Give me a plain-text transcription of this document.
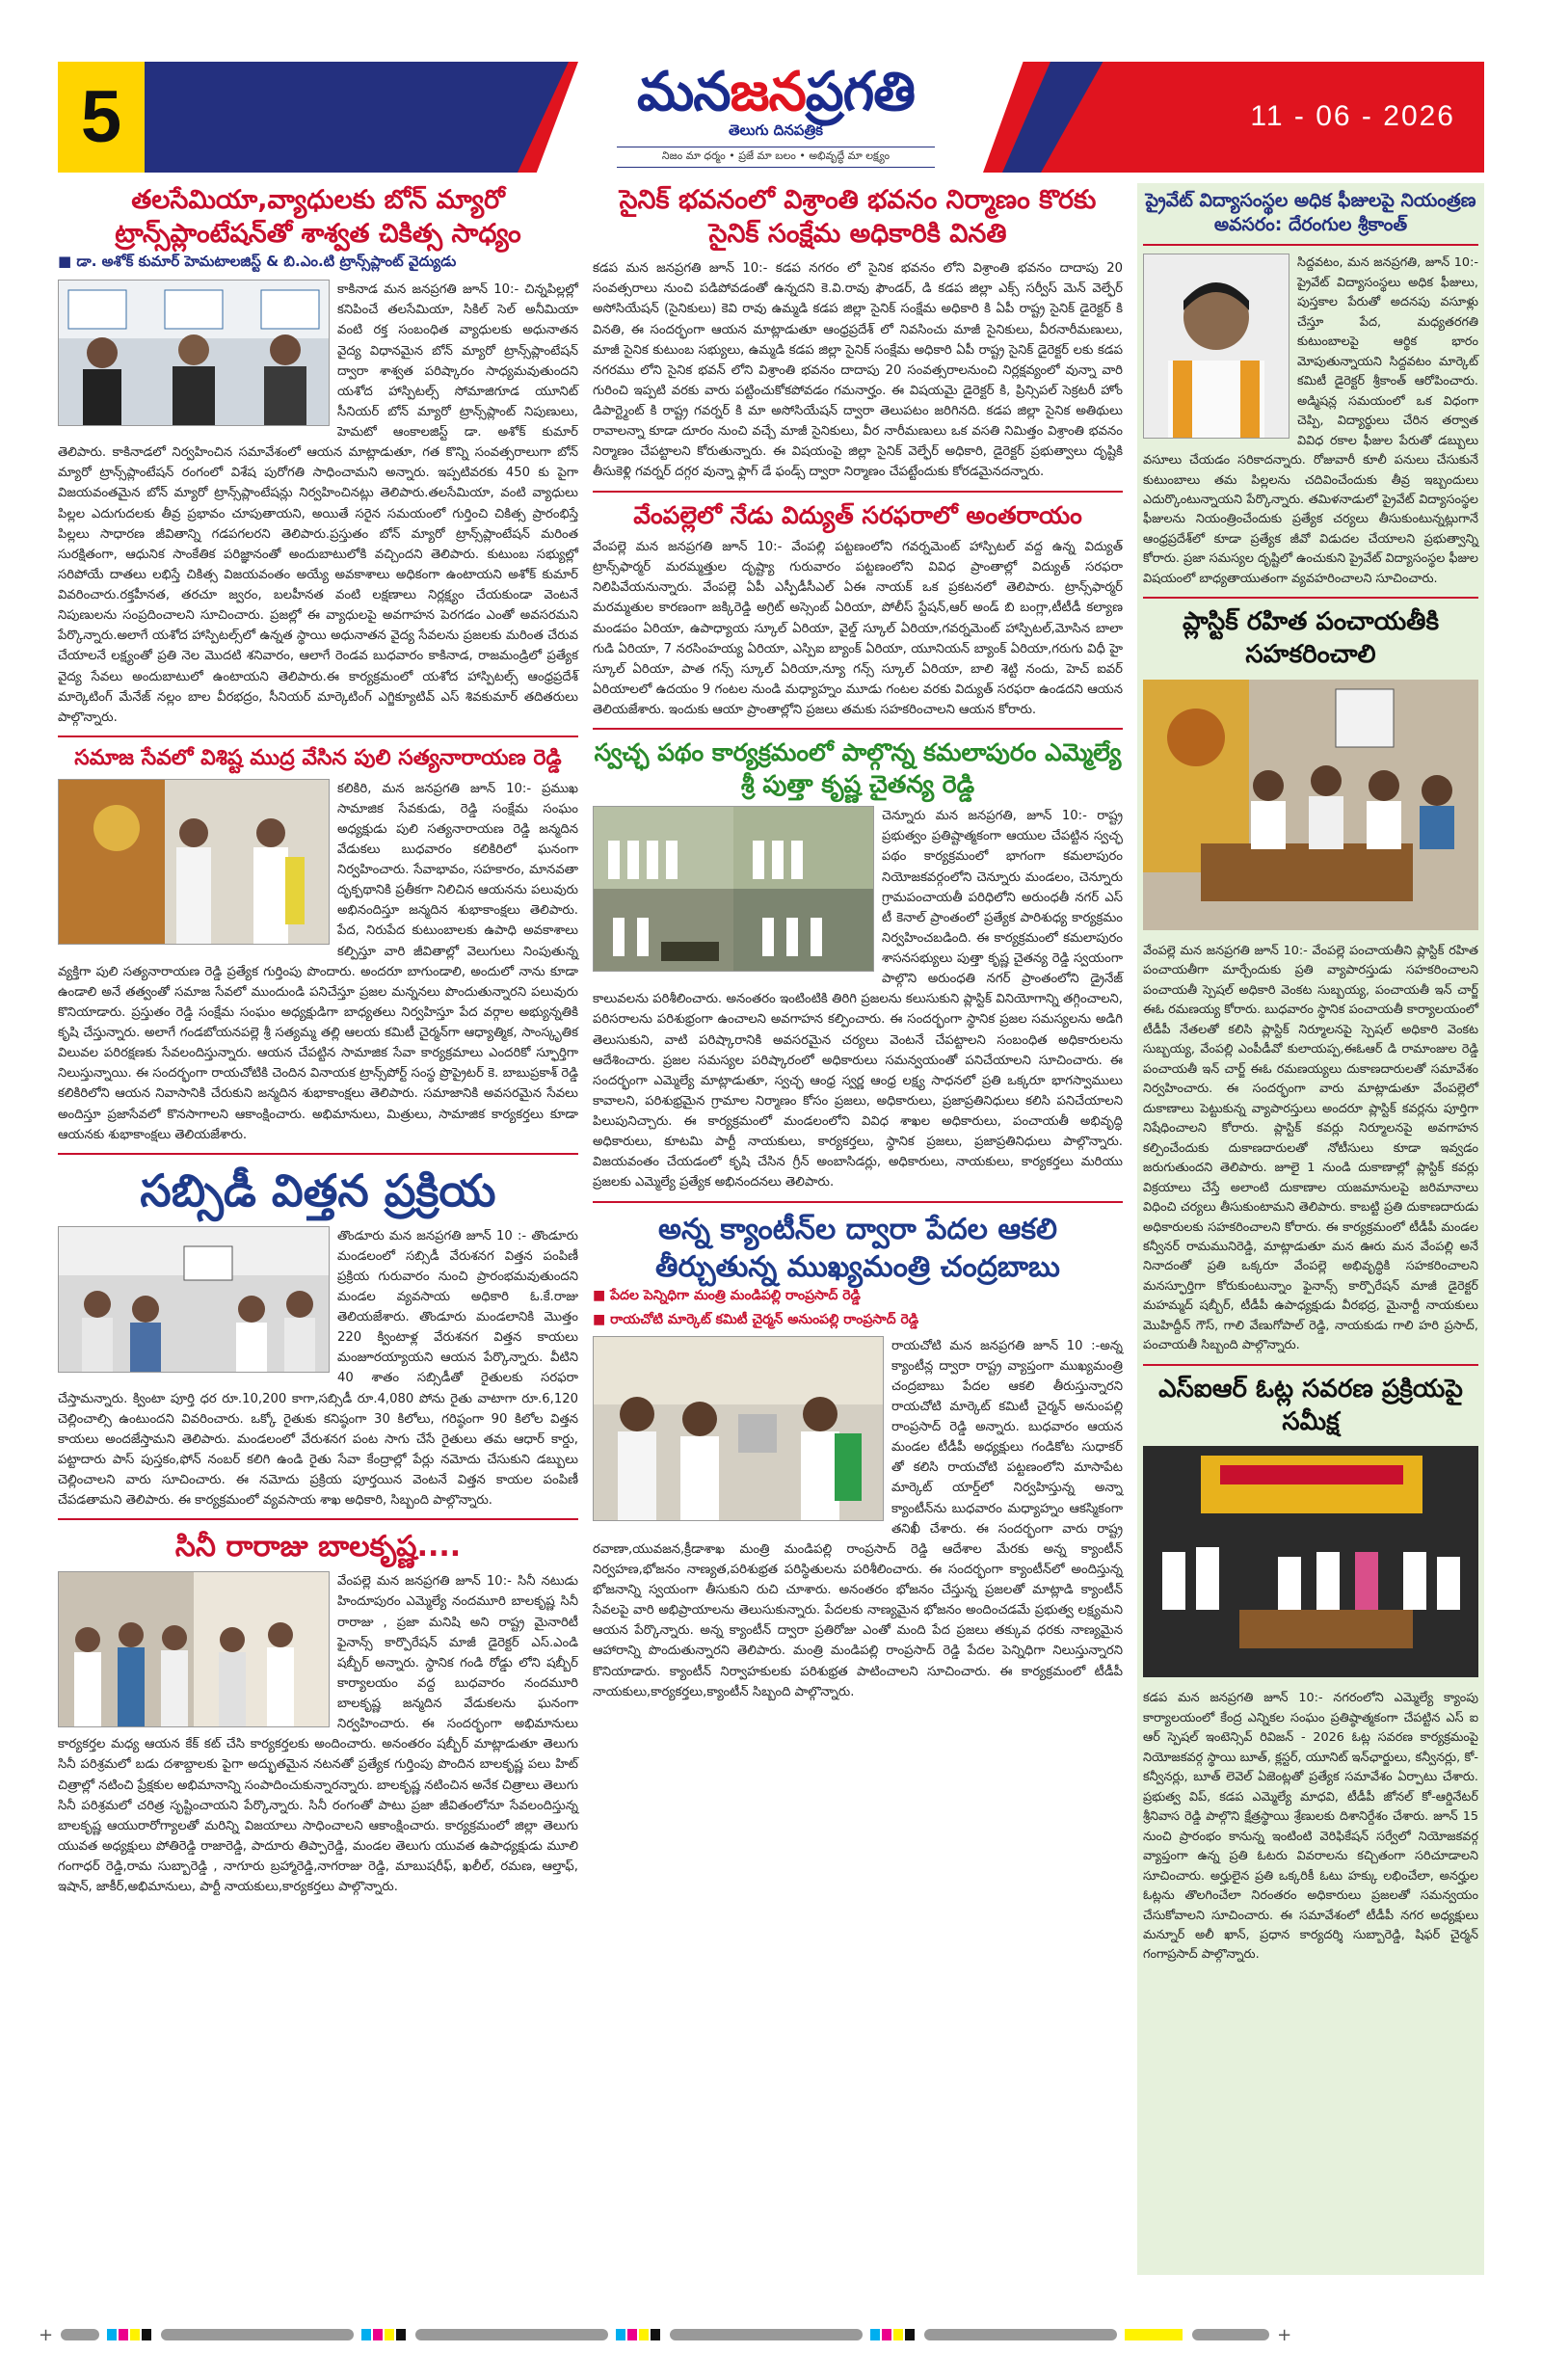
5	మనజనప్రగతి
తెలుగు దినపత్రిక
నిజం మా ధర్మం • ప్రజే మా బలం • అభివృద్ధే మా లక్ష్యం
11 - 06 - 2026
తలసేమియా,వ్యాధులకు బోన్ మ్యారో ట్రాన్స్‌ప్లాంటేషన్‌తో శాశ్వత చికిత్స సాధ్యం
■ డా. అశోక్ కుమార్ హెమటాలజిస్ట్ & బి.ఎం.టి ట్రాన్స్‌ప్లాంట్ వైద్యుడు
కాకినాడ మన జనప్రగతి జూన్ 10:- చిన్నపిల్లల్లో కనిపించే తలసేమియా, సికిల్ సెల్ అనీమియా వంటి రక్త సంబంధిత వ్యాధులకు అధునాతన వైద్య విధానమైన బోన్ మ్యారో ట్రాన్స్‌ప్లాంటేషన్ ద్వారా శాశ్వత పరిష్కారం సాధ్యమవుతుందని యశోద హాస్పిటల్స్ సోమాజిగూడ యూనిట్ సీనియర్ బోన్ మ్యారో ట్రాన్స్‌ప్లాంట్ నిపుణులు, హెమటో ఆంకాలజిస్ట్ డా. అశోక్ కుమార్ తెలిపారు. కాకినాడలో నిర్వహించిన సమావేశంలో ఆయన మాట్లాడుతూ, గత కొన్ని సంవత్సరాలుగా బోన్ మ్యారో ట్రాన్స్‌ప్లాంటేషన్ రంగంలో విశేష పురోగతి సాధించామని అన్నారు. ఇప్పటివరకు 450 కు పైగా విజయవంతమైన బోన్ మ్యారో ట్రాన్స్‌ప్లాంటేషన్లు నిర్వహించినట్లు తెలిపారు.తలసేమియా, వంటి వ్యాధులు పిల్లల ఎదుగుదలకు తీవ్ర ప్రభావం చూపుతాయని, అయితే సరైన సమయంలో గుర్తించి చికిత్స ప్రారంభిస్తే పిల్లలు సాధారణ జీవితాన్ని గడపగలరని తెలిపారు.ప్రస్తుతం బోన్ మ్యారో ట్రాన్స్‌ప్లాంటేషన్ మరింత సురక్షితంగా, ఆధునిక సాంకేతిక పరిజ్ఞానంతో అందుబాటులోకి వచ్చిందని తెలిపారు. కుటుంబ సభ్యుల్లో సరిపోయే దాతలు లభిస్తే చికిత్స విజయవంతం అయ్యే అవకాశాలు అధికంగా ఉంటాయని అశోక్ కుమార్ వివరించారు.రక్తహీనత, తరచూ జ్వరం, బలహీనత వంటి లక్షణాలు నిర్లక్ష్యం చేయకుండా వెంటనే నిపుణులను సంప్రదించాలని సూచించారు. ప్రజల్లో ఈ వ్యాధులపై అవగాహన పెరగడం ఎంతో అవసరమని పేర్కొన్నారు.అలాగే యశోద హాస్పిటల్స్‌లో ఉన్నత స్థాయి అధునాతన వైద్య సేవలను ప్రజలకు మరింత చేరువ చేయాలనే లక్ష్యంతో ప్రతి నెల మొదటి శనివారం, ఆలాగే రెండవ బుధవారం కాకినాడ, రాజమండ్రిలో ప్రత్యేక వైద్య సేవలు అందుబాటులో ఉంటాయని తెలిపారు.ఈ కార్యక్రమంలో యశోద హాస్పిటల్స్ ఆంధ్రప్రదేశ్ మార్కెటింగ్ మేనేజ్ నల్లం బాల వీరభద్రం, సీనియర్ మార్కెటింగ్ ఎగ్జిక్యూటివ్ ఎస్ శివకుమార్ తదితరులు పాల్గొన్నారు.
సమాజ సేవలో విశిష్ట ముద్ర వేసిన పులి సత్యనారాయణ రెడ్డి
కలికిరి, మన జనప్రగతి జూన్ 10:- ప్రముఖ సామాజిక సేవకుడు, రెడ్డి సంక్షేమ సంఘం అధ్యక్షుడు పులి సత్యనారాయణ రెడ్డి జన్మదిన వేడుకలు బుధవారం కలికిరిలో ఘనంగా నిర్వహించారు. సేవాభావం, సహకారం, మానవతా దృక్పథానికి ప్రతీకగా నిలిచిన ఆయనను పలువురు అభినందిస్తూ జన్మదిన శుభాకాంక్షలు తెలిపారు. పేద, నిరుపేద కుటుంబాలకు ఉపాధి అవకాశాలు కల్పిస్తూ వారి జీవితాల్లో వెలుగులు నింపుతున్న వ్యక్తిగా పులి సత్యనారాయణ రెడ్డి ప్రత్యేక గుర్తింపు పొందారు. అందరూ బాగుండాలి, అందులో నాను కూడా ఉండాలి అనే తత్వంతో సమాజ సేవలో ముందుండి పనిచేస్తూ ప్రజల మన్ననలు పొందుతున్నారని పలువురు కొనియాడారు. ప్రస్తుతం రెడ్డి సంక్షేమ సంఘం అధ్యక్షుడిగా బాధ్యతలు నిర్వహిస్తూ పేద వర్గాల అభ్యున్నతికి కృషి చేస్తున్నారు. అలాగే గండబోయనపల్లె శ్రీ సత్యమ్మ తల్లి ఆలయ కమిటీ చైర్మన్‌గా ఆధ్యాత్మిక, సాంస్కృతిక విలువల పరిరక్షణకు సేవలందిస్తున్నారు. ఆయన చేపట్టిన సామాజిక సేవా కార్యక్రమాలు ఎందరికో స్ఫూర్తిగా నిలుస్తున్నాయి. ఈ సందర్భంగా రాయచోటికి చెందిన వినాయక ట్రాన్స్‌పోర్ట్ సంస్థ ప్రొప్రైటర్ కె. బాబుప్రకాశ్ రెడ్డి కలికిరిలోని ఆయన నివాసానికి చేరుకుని జన్మదిన శుభాకాంక్షలు తెలిపారు. సమాజానికి అవసరమైన సేవలు అందిస్తూ ప్రజాసేవలో కొనసాగాలని ఆకాంక్షించారు. అభిమానులు, మిత్రులు, సామాజిక కార్యకర్తలు కూడా ఆయనకు శుభాకాంక్షలు తెలియజేశారు.
సబ్సిడీ విత్తన ప్రక్రియ
తొండూరు మన జనప్రగతి జూన్ 10 :- తొండూరు మండలంలో సబ్సిడీ వేరుశనగ విత్తన పంపిణీ ప్రక్రియ గురువారం నుంచి ప్రారంభమవుతుందని మండల వ్యవసాయ అధికారి ఓ.కే.రాజు తెలియజేశారు. తొండూరు మండలానికి మొత్తం 220 క్వింటాళ్ల వేరుశనగ విత్తన కాయలు మంజూరయ్యాయని ఆయన పేర్కొన్నారు. వీటిని 40 శాతం సబ్సిడీతో రైతులకు సరఫరా చేస్తామన్నారు. క్వింటా పూర్తి ధర రూ.10,200 కాగా,సబ్సిడీ రూ.4,080 పోను రైతు వాటాగా రూ.6,120 చెల్లించాల్సి ఉంటుందని వివరించారు. ఒక్కో రైతుకు కనిష్ఠంగా 30 కిలోలు, గరిష్ఠంగా 90 కిలోల విత్తన కాయలు అందజేస్తామని తెలిపారు. మండలంలో వేరుశనగ పంట సాగు చేసే రైతులు తమ ఆధార్ కార్డు, పట్టాదారు పాస్ పుస్తకం,ఫోన్ నంబర్ కలిగి ఉండి రైతు సేవా కేంద్రాల్లో పేర్లు నమోదు చేసుకుని డబ్బులు చెల్లించాలని వారు సూచించారు. ఈ నమోదు ప్రక్రియ పూర్తయిన వెంటనే విత్తన కాయల పంపిణీ చేపడతామని తెలిపారు. ఈ కార్యక్రమంలో వ్యవసాయ శాఖ అధికారి, సిబ్బంది పాల్గొన్నారు.
సినీ రారాజు బాలకృష్ణ....
వేంపల్లె మన జనప్రగతి జూన్ 10:- సినీ నటుడు హిందూపురం ఎమ్మెల్యే నందమూరి బాలకృష్ణ సినీ రారాజు , ప్రజా మనిషి అని రాష్ట్ర మైనారిటీ ఫైనాన్స్ కార్పొరేషన్ మాజీ డైరెక్టర్ ఎస్.ఎండి షబ్బీర్ అన్నారు. స్థానిక గండి రోడ్డు లోని షబ్బీర్ కార్యాలయం వద్ద బుధవారం నందమూరి బాలకృష్ణ జన్మదిన వేడుకలను ఘనంగా నిర్వహించారు. ఈ సందర్భంగా అభిమానులు కార్యకర్తల మధ్య ఆయన కేక్ కట్ చేసి కార్యకర్తలకు అందించారు. అనంతరం షబ్బీర్ మాట్లాడుతూ తెలుగు సినీ పరిశ్రమలో బడు దశాబ్దాలకు పైగా అద్భుతమైన నటనతో ప్రత్యేక గుర్తింపు పొందిన బాలకృష్ణ పలు హిట్ చిత్రాల్లో నటించి ప్రేక్షకుల అభిమానాన్ని సంపాదించుకున్నారన్నారు. బాలకృష్ణ నటించిన అనేక చిత్రాలు తెలుగు సినీ పరిశ్రమలో చరిత్ర సృష్టించాయని పేర్కొన్నారు. సినీ రంగంతో పాటు ప్రజా జీవితంలోనూ సేవలందిస్తున్న బాలకృష్ణ ఆయురారోగ్యాలతో మరిన్ని విజయాలు సాధించాలని ఆకాంక్షించారు. కార్యక్రమంలో జిల్లా తెలుగు యువత అధ్యక్షులు పోతిరెడ్డి రాజారెడ్డి, పాదూరు తిప్పారెడ్డి, మండల తెలుగు యువత ఉపాధ్యక్షుడు మూలి గంగాధర్ రెడ్డి,రామ సుబ్బారెడ్డి , నాగూరు బ్రహ్మారెడ్డి,నాగరాజు రెడ్డి, మాబుషరీఫ్, ఖలీల్, రమణ, ఆల్తాఫ్, ఇషాన్, జాకీర్,అభిమానులు, పార్టీ నాయకులు,కార్యకర్తలు పాల్గొన్నారు.
సైనిక్ భవనంలో విశ్రాంతి భవనం నిర్మాణం కొరకు సైనిక్ సంక్షేమ అధికారికి వినతి
కడప మన జనప్రగతి జూన్ 10:- కడప నగరం లో సైనిక భవనం లోని విశ్రాంతి భవనం దాదాపు 20 సంవత్సరాలు నుంచి పడిపోవడంతో ఉన్నదని కె.వి.రావు ఫౌండర్, డి కడప జిల్లా ఎక్స్ సర్వీస్ మెన్ వెల్ఫేర్ అసోసియేషన్ (సైనికులు) కెవి రావు ఉమ్మడి కడప జిల్లా సైనిక్ సంక్షేమ అధికారి కి ఏపీ రాష్ట్ర సైనిక్ డైరెక్టర్ కి వినతి, ఈ సందర్భంగా ఆయన మాట్లాడుతూ ఆంధ్రప్రదేశ్ లో నివసించు మాజీ సైనికులు, వీరనారీమణులు, మాజీ సైనిక కుటుంబ సభ్యులు, ఉమ్మడి కడప జిల్లా సైనిక్ సంక్షేమ అధికారి ఏపీ రాష్ట్ర సైనిక్ డైరెక్టర్ లకు కడప నగరము లోని సైనిక భవన్ లోని విశ్రాంతి భవనం దాదాపు 20 సంవత్సరాలనుంచి నిర్లక్షవ్యంలో వున్నా వారి గురించి ఇప్పటి వరకు వారు పట్టించుకోకపోవడం గమనార్హం. ఈ విషయమై డైరెక్టర్ కి, ప్రిన్సిపల్ సెక్రటరీ హోం డిపార్ట్మెంట్ కి రాష్ట్ర గవర్నర్ కి మా అసోసియేషన్ ద్వారా తెలుపటం జరిగినది. కడప జిల్లా సైనిక అతిథులు రావాలన్నా కూడా దూరం నుంచి వచ్చే మాజీ సైనికులు, వీర నారీమణులు ఒక వసతి నిమిత్తం విశ్రాంతి భవనం నిర్మాణం చేపట్టాలని కోరుతున్నారు. ఈ విషయంపై జిల్లా సైనిక్ వెల్ఫేర్ అధికారి, డైరెక్టర్ ప్రభుత్వాలు దృష్టికి తీసుకెళ్లి గవర్నర్ దగ్గర వున్నా ఫ్లాగ్ డే ఫండ్స్ ద్వారా నిర్మాణం చేపట్టేందుకు కోరడమైనదన్నారు.
వేంపల్లెలో నేడు విద్యుత్ సరఫరాలో అంతరాయం
వేంపల్లె మన జనప్రగతి జూన్ 10:- వేంపల్లి పట్టణంలోని గవర్నమెంట్ హాస్పిటల్ వద్ద ఉన్న విద్యుత్ ట్రాన్స్‌ఫార్మర్ మరమ్మత్తుల దృష్ట్యా గురువారం పట్టణంలోని వివిధ ప్రాంతాల్లో విద్యుత్ సరఫరా నిలిపివేయనున్నారు. వేంపల్లె ఏపీ ఎస్పీడీసీఎల్ ఏఈ నాయక్ ఒక ప్రకటనలో తెలిపారు. ట్రాన్స్‌ఫార్మర్ మరమ్మతుల కారణంగా జక్కిరెడ్డి అగ్రిట్ అస్సెంబ్ ఏరియా, పోలీస్ స్టేషన్,ఆర్ అండ్ బి బంగ్లా,టీటీడీ కల్యాణ మండపం ఏరియా, ఉపాధ్యాయ స్కూల్ ఏరియా, వైల్డ్ స్కూల్ ఏరియా,గవర్నమెంట్ హాస్పిటల్,మోసిన బాలా గుడి ఏరియా, 7 నరసింహయ్య ఏరియా, ఎస్పిఐ బ్యాంక్ ఏరియా, యూనియన్ బ్యాంక్ ఏరియా,గరుగు విధీ హై స్కూల్ ఏరియా, పాత గన్స్ స్కూల్ ఏరియా,న్యూ గన్స్ స్కూల్ ఏరియా, బాలి శెట్టి నందు, హెచ్ ఐవర్ ఏరియాలలో ఉదయం 9 గంటల నుండి మధ్యాహ్నం మూడు గంటల వరకు విద్యుత్ సరఫరా ఉండదని ఆయన తెలియజేశారు. ఇందుకు ఆయా ప్రాంతాల్లోని ప్రజలు తమకు సహకరించాలని ఆయన కోరారు.
స్వచ్ఛ పథం కార్యక్రమంలో పాల్గొన్న కమలాపురం ఎమ్మెల్యే శ్రీ పుత్తా కృష్ణ చైతన్య రెడ్డి
చెన్నూరు మన జనప్రగతి, జూన్ 10:- రాష్ట్ర ప్రభుత్వం ప్రతిష్టాత్మకంగా ఆయుల చేపట్టిన స్వచ్ఛ పథం కార్యక్రమంలో భాగంగా కమలాపురం నియోజకవర్గంలోని చెన్నూరు మండలం, చెన్నూరు గ్రామపంచాయతీ పరిధిలోని అరుంధతీ నగర్ ఎస్ టీ కెనాల్ ప్రాంతంలో ప్రత్యేక పారిశుధ్య కార్యక్రమం నిర్వహించబడింది. ఈ కార్యక్రమంలో కమలాపురం శాసనసభ్యులు పుత్తా కృష్ణ చైతన్య రెడ్డి స్వయంగా పాల్గొని అరుంధతి నగర్ ప్రాంతంలోని డ్రైనేజ్ కాలువలను పరిశీలించారు. అనంతరం ఇంటింటికి తిరిగి ప్రజలను కలుసుకుని ప్లాస్టిక్ వినియోగాన్ని తగ్గించాలని, పరిసరాలను పరిశుభ్రంగా ఉంచాలని అవగాహన కల్పించారు. ఈ సందర్భంగా స్థానిక ప్రజల సమస్యలను అడిగి తెలుసుకుని, వాటి పరిష్కారానికి అవసరమైన చర్యలు వెంటనే చేపట్టాలని సంబంధిత అధికారులను ఆదేశించారు. ప్రజల సమస్యల పరిష్కారంలో అధికారులు సమన్వయంతో పనిచేయాలని సూచించారు. ఈ సందర్భంగా ఎమ్మెల్యే మాట్లాడుతూ, స్వచ్ఛ ఆంధ్ర స్వర్ణ ఆంధ్ర లక్ష్య సాధనలో ప్రతి ఒక్కరూ భాగస్వాములు కావాలని, పరిశుభ్రమైన గ్రామాల నిర్మాణం కోసం ప్రజలు, అధికారులు, ప్రజాప్రతినిధులు కలిసి పనిచేయాలని పిలుపునిచ్చారు. ఈ కార్యక్రమంలో మండలంలోని వివిధ శాఖల అధికారులు, పంచాయతీ అభివృద్ధి అధికారులు, కూటమి పార్టీ నాయకులు, కార్యకర్తలు, స్థానిక ప్రజలు, ప్రజాప్రతినిధులు పాల్గొన్నారు. విజయవంతం చేయడంలో కృషి చేసిన గ్రీన్ అంబాసిడర్లు, అధికారులు, నాయకులు, కార్యకర్తలు మరియు ప్రజలకు ఎమ్మెల్యే ప్రత్యేక అభినందనలు తెలిపారు.
అన్న క్యాంటీన్‌ల ద్వారా పేదల ఆకలి తీర్చుతున్న ముఖ్యమంత్రి చంద్రబాబు
■ పేదల పెన్నిధిగా మంత్రి మండిపల్లి రాంప్రసాద్ రెడ్డి
■ రాయచోటి మార్కెట్ కమిటీ చైర్మన్ అనుంపల్లి రాంప్రసాద్ రెడ్డి
రాయచోటి మన జనప్రగతి జూన్ 10 :-అన్న క్యాంటీన్ల ద్వారా రాష్ట్ర వ్యాప్తంగా ముఖ్యమంత్రి చంద్రబాబు పేదల ఆకలి తీరుస్తున్నారని రాయచోటి మార్కెట్ కమిటీ చైర్మన్ అనుంపల్లి రాంప్రసాద్ రెడ్డి అన్నారు. బుధవారం ఆయన మండల టీడీపీ అధ్యక్షులు గండికోట సుధాకర్ తో కలిసి రాయచోటి పట్టణంలోని మాసాపేట మార్కెట్ యార్డ్‌లో నిర్వహిస్తున్న అన్నా క్యాంటీన్‌ను బుధవారం మధ్యాహ్నం ఆకస్మికంగా తనిఖీ చేశారు. ఈ సందర్భంగా వారు రాష్ట్ర రవాణా,యువజన,క్రీడాశాఖ మంత్రి మండిపల్లి రాంప్రసాద్ రెడ్డి ఆదేశాల మేరకు అన్న క్యాంటీన్ నిర్వహణ,భోజనం నాణ్యత,పరిశుభ్రత పరిస్థితులను పరిశీలించారు. ఈ సందర్భంగా క్యాంటీన్‌లో అందిస్తున్న భోజనాన్ని స్వయంగా తీసుకుని రుచి చూశారు. అనంతరం భోజనం చేస్తున్న ప్రజలతో మాట్లాడి క్యాంటీన్ సేవలపై వారి అభిప్రాయాలను తెలుసుకున్నారు. పేదలకు నాణ్యమైన భోజనం అందించడమే ప్రభుత్వ లక్ష్యమని ఆయన పేర్కొన్నారు. అన్న క్యాంటీన్ ద్వారా ప్రతిరోజు ఎంతో మంది పేద ప్రజలు తక్కువ ధరకు నాణ్యమైన ఆహారాన్ని పొందుతున్నారని తెలిపారు. మంత్రి మండిపల్లి రాంప్రసాద్ రెడ్డి పేదల పెన్నిధిగా నిలుస్తున్నారని కొనియాడారు. క్యాంటీన్ నిర్వాహకులకు పరిశుభ్రత పాటించాలని సూచించారు. ఈ కార్యక్రమంలో టీడీపీ నాయకులు,కార్యకర్తలు,క్యాంటీన్ సిబ్బంది పాల్గొన్నారు.
ప్రైవేట్ విద్యాసంస్థల అధిక ఫీజులపై నియంత్రణ అవసరం: దేరంగుల శ్రీకాంత్
సిద్దవటం, మన జనప్రగతి, జూన్ 10:- ప్రైవేట్ విద్యాసంస్థలు అధిక ఫీజులు, పుస్తకాల పేరుతో అదనపు వసూళ్లు చేస్తూ పేద, మధ్యతరగతి కుటుంబాలపై ఆర్థిక భారం మోపుతున్నాయని సిద్దవటం మార్కెట్ కమిటీ డైరెక్టర్ శ్రీకాంత్ ఆరోపించారు. అడ్మిషన్ల సమయంలో ఒక విధంగా చెప్పి, విద్యార్థులు చేరిన తర్వాత వివిధ రకాల ఫీజుల పేరుతో డబ్బులు వసూలు చేయడం సరికాదన్నారు. రోజువారీ కూలీ పనులు చేసుకునే కుటుంబాలు తమ పిల్లలను చదివించేందుకు తీవ్ర ఇబ్బందులు ఎదుర్కొంటున్నాయని పేర్కొన్నారు. తమిళనాడులో ప్రైవేట్ విద్యాసంస్థల ఫీజులను నియంత్రించేందుకు ప్రత్యేక చర్యలు తీసుకుంటున్నట్లుగానే ఆంధ్రప్రదేశ్‌లో కూడా ప్రత్యేక జీవో విడుదల చేయాలని ప్రభుత్వాన్ని కోరారు. ప్రజా సమస్యల దృష్టిలో ఉంచుకుని ప్రైవేట్ విద్యాసంస్థల ఫీజుల విషయంలో బాధ్యతాయుతంగా వ్యవహరించాలని సూచించారు.
ప్లాస్టిక్ రహిత పంచాయతీకి సహకరించాలి
వేంపల్లె మన జనప్రగతి జూన్ 10:- వేంపల్లె పంచాయతీని ప్లాస్టిక్ రహిత పంచాయతీగా మార్చేందుకు ప్రతి వ్యాపారస్తుడు సహకరించాలని పంచాయతీ స్పెషల్ అధికారి వెంకట సుబ్బయ్య, పంచాయతీ ఇన్ చార్జ్ ఈఓ రమణయ్య కోరారు. బుధవారం స్థానిక పంచాయతీ కార్యాలయంలో టీడీపీ నేతలతో కలిసి ప్లాస్టిక్ నిర్మూలనపై స్పెషల్ అధికారి వెంకట సుబ్బయ్య, వేంపల్లి ఎంపీడీవో కులాయప్ప,ఈఓఆర్ డి రామాంజుల రెడ్డి పంచాయతీ ఇన్ చార్జ్ ఈఓ రమణయ్యలు దుకాణదారులతో సమావేశం నిర్వహించారు. ఈ సందర్భంగా వారు మాట్లాడుతూ వేంపల్లెలో దుకాణాలు పెట్టుకున్న వ్యాపారస్తులు అందరూ ప్లాస్టిక్ కవర్లను పూర్తిగా నిషేధించాలని కోరారు. ప్లాస్టిక్ కవర్లు నిర్మూలనపై అవగాహన కల్పించేందుకు దుకాణదారులతో నోటీసులు కూడా ఇవ్వడం జరుగుతుందని తెలిపారు. జూలై 1 నుండి దుకాణాల్లో ప్లాస్టిక్ కవర్లు విక్రయాలు చేస్తే అలాంటి దుకాణాల యజమానులపై జరిమానాలు విధించి చర్యలు తీసుకుంటామని తెలిపారు. కాబట్టి ప్రతి దుకాణదారుడు అధికారులకు సహకరించాలని కోరారు. ఈ కార్యక్రమంలో టీడీపీ మండల కన్వీనర్ రామమునిరెడ్డి, మాట్లాడుతూ మన ఊరు మన వేంపల్లి అనే నినాదంతో ప్రతి ఒక్కరూ వేంపల్లె అభివృద్ధికి సహకరించాలని మనస్ఫూర్తిగా కోరుకుంటున్నాం ఫైనాన్స్ కార్పొరేషన్ మాజీ డైరెక్టర్ మహమ్మద్ షబ్బీర్, టీడీపీ ఉపాధ్యక్షుడు వీరభద్ర, మైనార్టీ నాయకులు మొహిద్దీన్ గౌస్, గాలి వేణుగోపాల్ రెడ్డి, నాయకుడు గాలి హరి ప్రసాద్, పంచాయతీ సిబ్బంది పాల్గొన్నారు.
ఎస్ఐఆర్ ఓట్ల సవరణ ప్రక్రియపై సమీక్ష
కడప మన జనప్రగతి జూన్ 10:- నగరంలోని ఎమ్మెల్యే క్యాంపు కార్యాలయంలో కేంద్ర ఎన్నికల సంఘం ప్రతిష్ఠాత్మకంగా చేపట్టిన ఎస్ ఐ ఆర్ స్పెషల్ ఇంటెన్సివ్ రివిజన్ - 2026 ఓట్ల సవరణ కార్యక్రమంపై నియోజకవర్గ స్థాయి బూత్, క్లస్టర్, యూనిట్ ఇన్‌ఛార్జులు, కన్వీనర్లు, కో-కన్వీనర్లు, బూత్ లెవెల్ ఏజెంట్లతో ప్రత్యేక సమావేశం ఏర్పాటు చేశారు. ప్రభుత్వ విప్, కడప ఎమ్మెల్యే మాధవి, టీడీపీ జోనల్ కో-ఆర్డినేటర్ శ్రీనివాస రెడ్డి పాల్గొని క్షేత్రస్థాయి శ్రేణులకు దిశానిర్దేశం చేశారు. జూన్ 15 నుంచి ప్రారంభం కానున్న ఇంటింటి వెరిఫికేషన్ సర్వేలో నియోజకవర్గ వ్యాప్తంగా ఉన్న ప్రతి ఓటరు వివరాలను కచ్చితంగా సరిచూడాలని సూచించారు. అర్హులైన ప్రతి ఒక్కరికీ ఓటు హక్కు లభించేలా, అనర్హుల ఓట్లను తొలగించేలా నిరంతరం అధికారులు ప్రజలతో సమన్వయం చేసుకోవాలని సూచించారు. ఈ సమావేశంలో టీడీపీ నగర అధ్యక్షులు మన్నూర్ అలీ ఖాన్, ప్రధాన కార్యదర్శి సుబ్బారెడ్డి, షిఫర్ చైర్మన్ గంగాప్రసాద్ పాల్గొన్నారు.
+	+
